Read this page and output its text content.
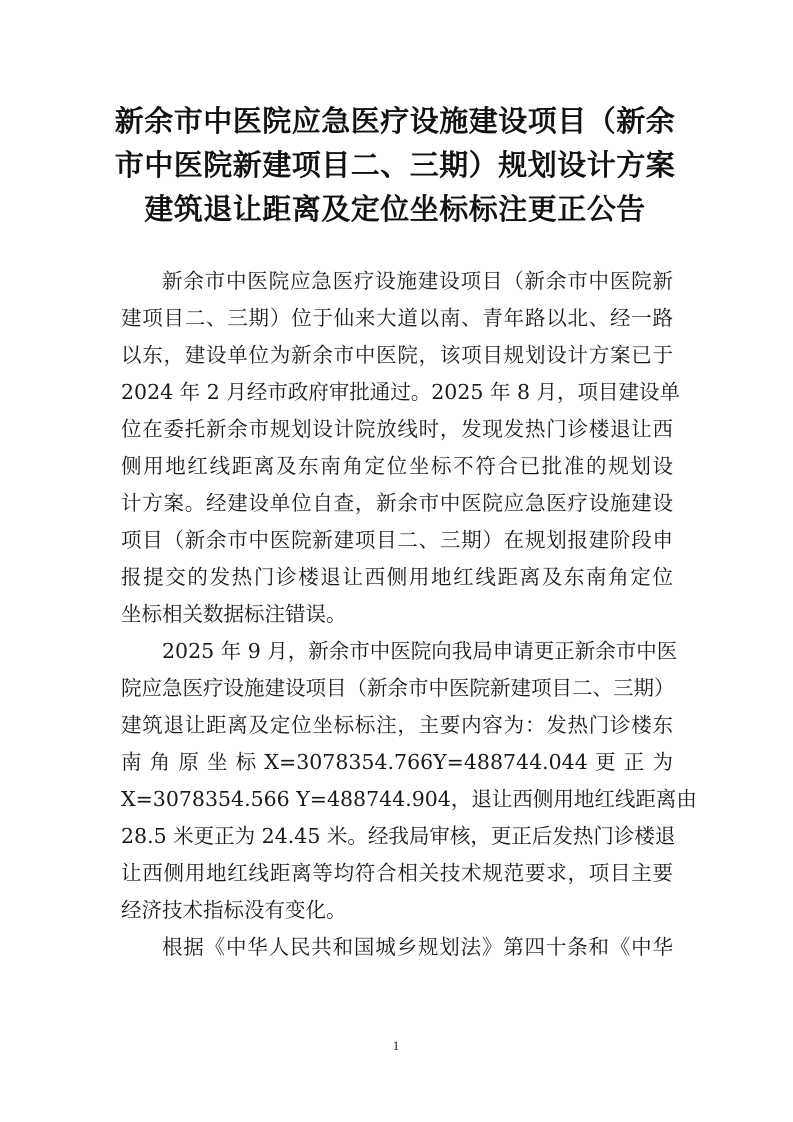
新余市中医院应急医疗设施建设项目（新余
市中医院新建项目二、三期）规划设计方案
建筑退让距离及定位坐标标注更正公告
新余市中医院应急医疗设施建设项目（新余市中医院新
建项目二、三期）位于仙来大道以南、青年路以北、经一路
以东，建设单位为新余市中医院，该项目规划设计方案已于
2024 年 2 月经市政府审批通过。2025 年 8 月，项目建设单
位在委托新余市规划设计院放线时，发现发热门诊楼退让西
侧用地红线距离及东南角定位坐标不符合已批准的规划设
计方案。经建设单位自查，新余市中医院应急医疗设施建设
项目（新余市中医院新建项目二、三期）在规划报建阶段申
报提交的发热门诊楼退让西侧用地红线距离及东南角定位
坐标相关数据标注错误。
2025 年 9 月，新余市中医院向我局申请更正新余市中医
院应急医疗设施建设项目（新余市中医院新建项目二、三期）
建筑退让距离及定位坐标标注，主要内容为：发热门诊楼东
南 角 原 坐 标 X=3078354.766Y=488744.044 更 正 为
X=3078354.566 Y=488744.904，退让西侧用地红线距离由
28.5 米更正为 24.45 米。经我局审核，更正后发热门诊楼退
让西侧用地红线距离等均符合相关技术规范要求，项目主要
经济技术指标没有变化。
根据《中华人民共和国城乡规划法》第四十条和《中华
1
